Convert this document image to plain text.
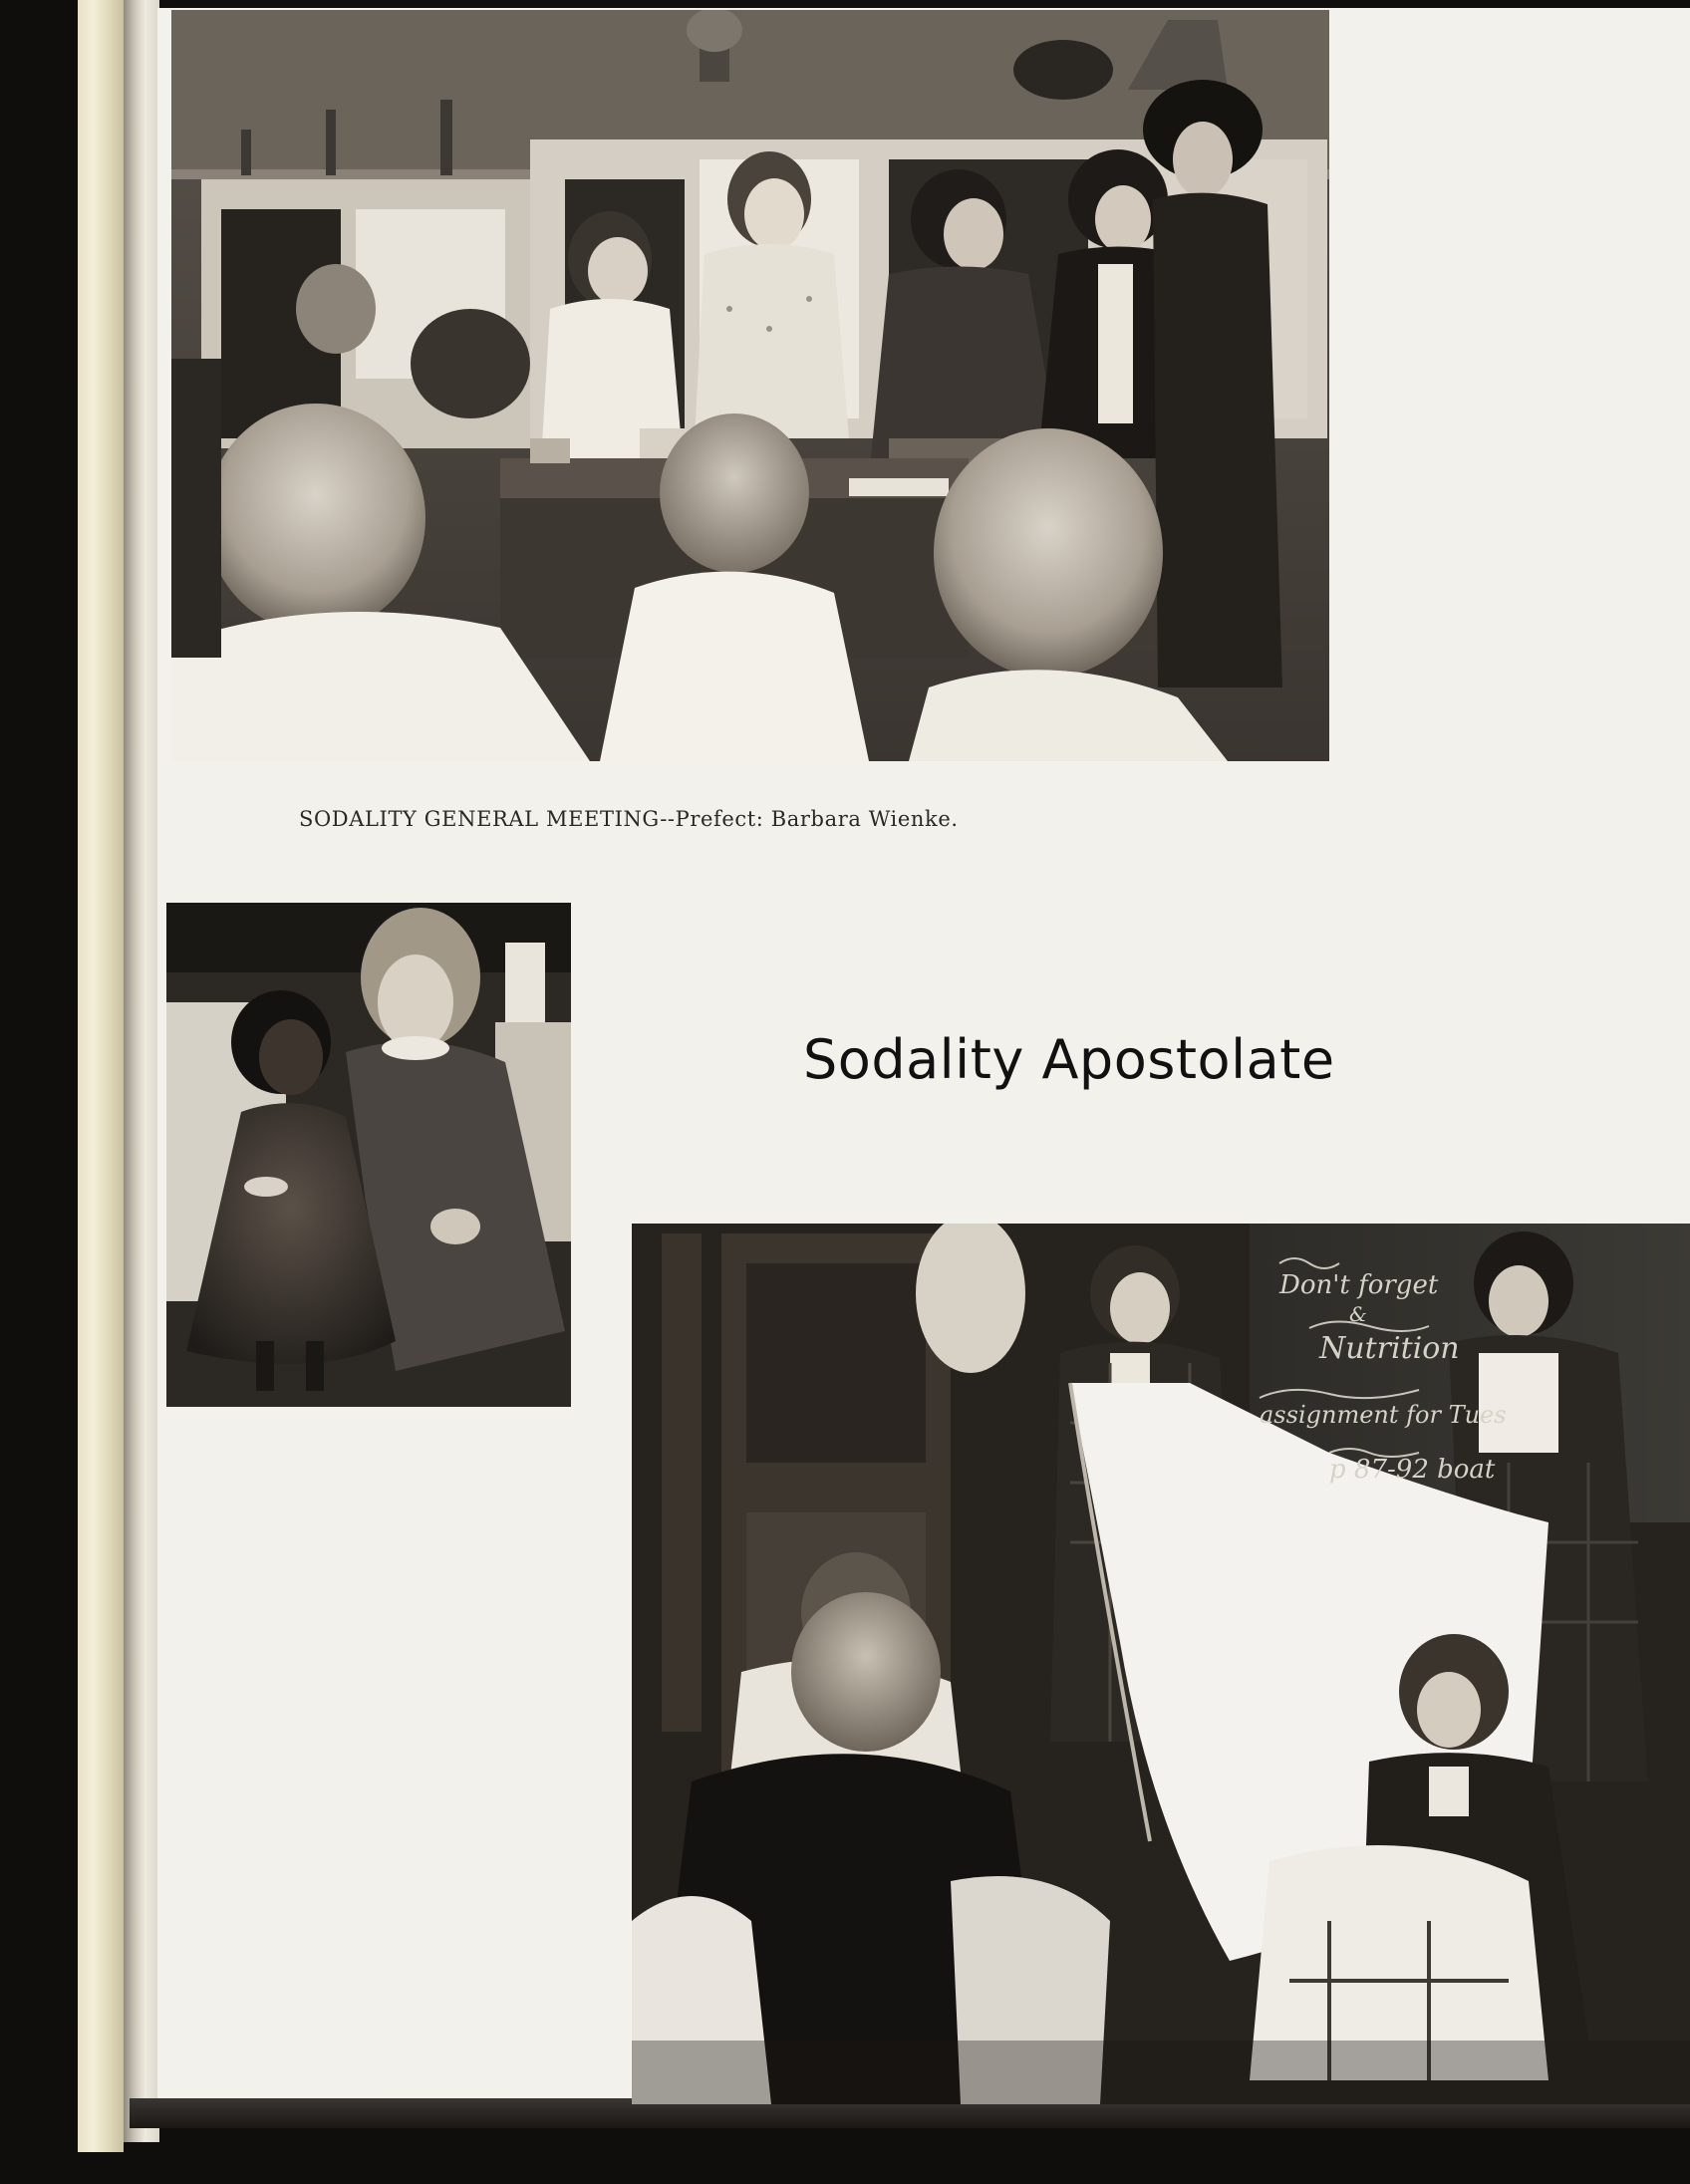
SODALITY GENERAL MEETING--Prefect: Barbara Wienke.
Sodality Apostolate
Don't forget
&
Nutrition
assignment for Tues
p 87-92 boat
